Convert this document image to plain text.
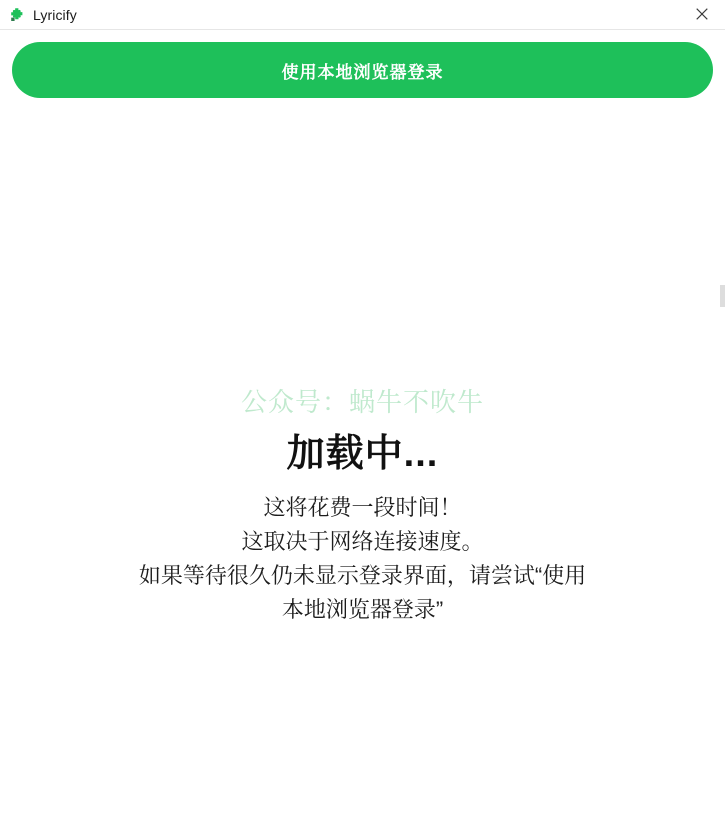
Lyricify
使用本地浏览器登录
公众号：蜗牛不吹牛
加载中...
这将花费一段时间！
这取决于网络连接速度。
如果等待很久仍未显示登录界面，请尝试“使用
本地浏览器登录”
